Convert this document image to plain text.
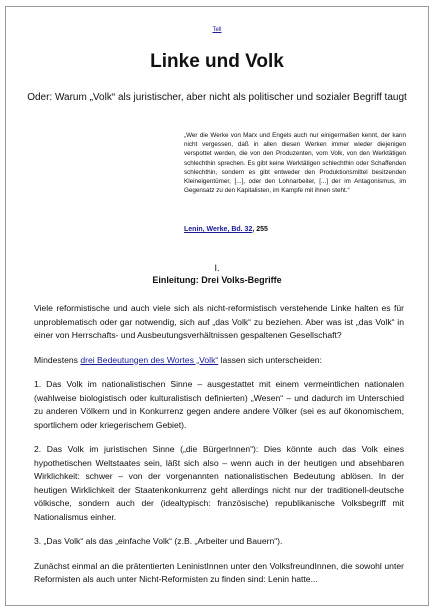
Tell
Linke und Volk

Oder: Warum „Volk“ als juristischer, aber nicht als politischer und sozialer Begriff taugt

„Wer die Werke von Marx und Engels auch nur einigermaßen kennt, der kann nicht vergessen, daß in allen diesen Werken immer wieder diejenigen verspottet werden, die von den Produzenten, vom Volk, von den Werktätigen schlechthin sprechen. Es gibt keine Werktätigen schlechthin oder Schaffenden schlechthin, sondern es gibt entweder den Produktionsmittel besitzenden Kleineigentümer, [...], oder den Lohnarbeiter, [...] der im Antagonismus, im Gegensatz zu den Kapitalisten, im Kampfe mit ihnen steht.“

Lenin, Werke, Bd. 32, 255

I.

Einleitung: Drei Volks-Begriffe

Viele reformistische und auch viele sich als nicht-reformistisch verstehende Linke halten es für unproblematisch oder gar notwendig, sich auf „das Volk“ zu beziehen. Aber was ist „das Volk“ in einer von Herrschafts- und Ausbeutungsverhältnissen gespaltenen Gesellschaft?

Mindestens drei Bedeutungen des Wortes „Volk“ lassen sich unterscheiden:

1. Das Volk im nationalistischen Sinne – ausgestattet mit einem vermeintlichen nationalen (wahlweise biologistisch oder kulturalistisch definierten) „Wesen“ – und dadurch im Unterschied zu anderen Völkern und in Konkurrenz gegen andere andere Völker (sei es auf ökonomischem, sportlichem oder kriegerischem Gebiet).

2. Das Volk im juristischen Sinne („die BürgerInnen“): Dies könnte auch das Volk eines hypothetischen Weltstaates sein, läßt sich also – wenn auch in der heutigen und absehbaren Wirklichkeit: schwer – von der vorgenannten nationalistischen Bedeutung ablösen. In der heutigen Wirklichkeit der Staatenkonkurrenz geht allerdings nicht nur der traditionell-deutsche völkische, sondern auch der (idealtypisch: französische) republikanische Volksbegriff mit Nationalismus einher.

3. „Das Volk“ als das „einfache Volk“ (z.B. „Arbeiter und Bauern“).

Zunächst einmal an die prätentierten LeninistInnen unter den VolksfreundInnen, die sowohl unter Reformisten als auch unter Nicht-Reformisten zu finden sind: Lenin hatte...
